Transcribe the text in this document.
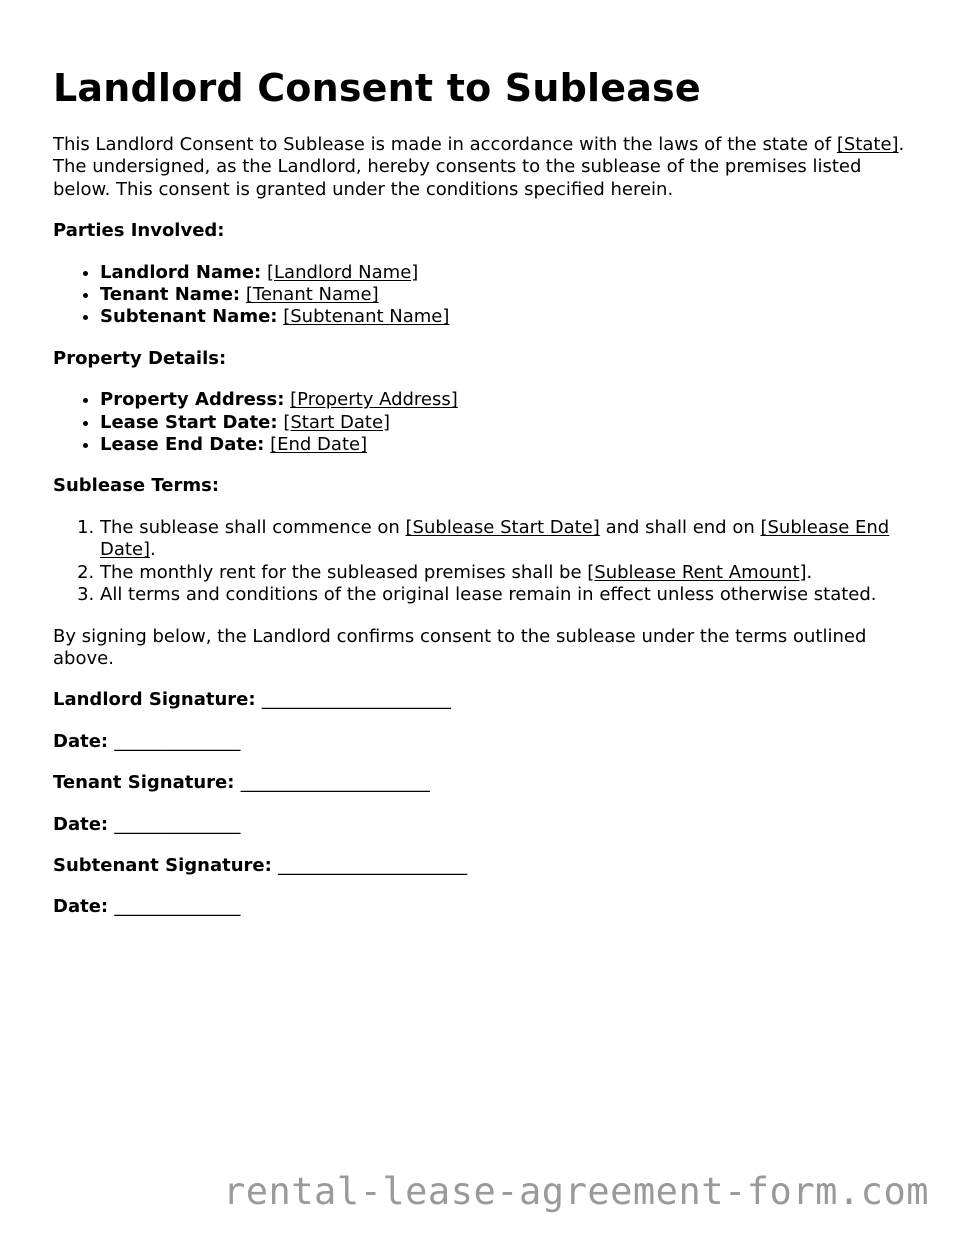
Landlord Consent to Sublease

This Landlord Consent to Sublease is made in accordance with the laws of the state of [State]. The undersigned, as the Landlord, hereby consents to the sublease of the premises listed below. This consent is granted under the conditions specified herein.

Parties Involved:
• Landlord Name: [Landlord Name]
• Tenant Name: [Tenant Name]
• Subtenant Name: [Subtenant Name]
Property Details:
• Property Address: [Property Address]
• Lease Start Date: [Start Date]
• Lease End Date: [End Date]
Sublease Terms:
1. The sublease shall commence on [Sublease Start Date] and shall end on [Sublease End Date].
2. The monthly rent for the subleased premises shall be [Sublease Rent Amount].
3. All terms and conditions of the original lease remain in effect unless otherwise stated.

By signing below, the Landlord confirms consent to the sublease under the terms outlined above.

Landlord Signature: _____________________
Date: ______________
Tenant Signature: _____________________
Date: ______________
Subtenant Signature: _____________________
Date: ______________
rental-lease-agreement-form.com
